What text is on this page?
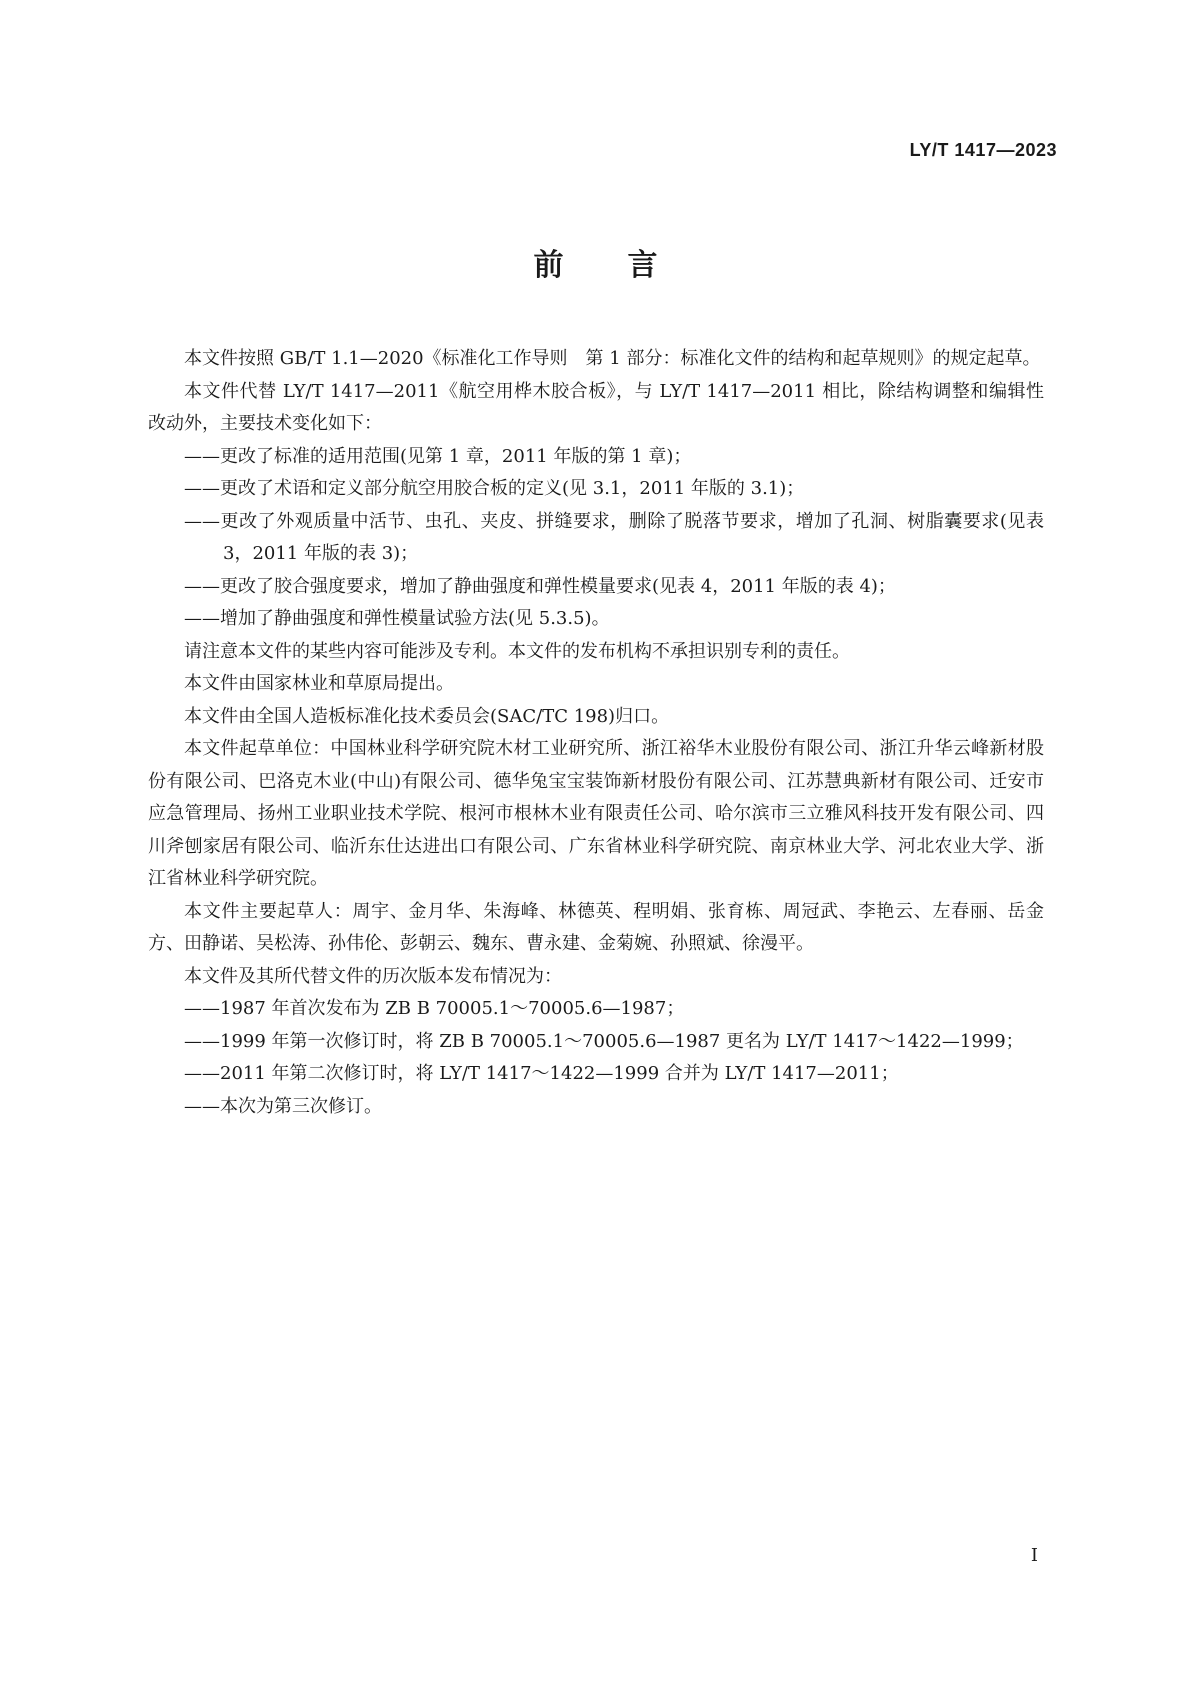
LY/T 1417—2023
前 言

本文件按照 GB/T 1.1—2020《标准化工作导则　第 1 部分：标准化文件的结构和起草规则》的规定起草。

本文件代替 LY/T 1417—2011《航空用桦木胶合板》，与 LY/T 1417—2011 相比，除结构调整和编辑性改动外，主要技术变化如下：

——更改了标准的适用范围(见第 1 章，2011 年版的第 1 章)；

——更改了术语和定义部分航空用胶合板的定义(见 3.1，2011 年版的 3.1)；

——更改了外观质量中活节、虫孔、夹皮、拼缝要求，删除了脱落节要求，增加了孔洞、树脂囊要求(见表 3，2011 年版的表 3)；

——更改了胶合强度要求，增加了静曲强度和弹性模量要求(见表 4，2011 年版的表 4)；

——增加了静曲强度和弹性模量试验方法(见 5.3.5)。

请注意本文件的某些内容可能涉及专利。本文件的发布机构不承担识别专利的责任。

本文件由国家林业和草原局提出。

本文件由全国人造板标准化技术委员会(SAC/TC 198)归口。

本文件起草单位：中国林业科学研究院木材工业研究所、浙江裕华木业股份有限公司、浙江升华云峰新材股份有限公司、巴洛克木业(中山)有限公司、德华兔宝宝装饰新材股份有限公司、江苏慧典新材有限公司、迁安市应急管理局、扬州工业职业技术学院、根河市根林木业有限责任公司、哈尔滨市三立雅风科技开发有限公司、四川斧刨家居有限公司、临沂东仕达进出口有限公司、广东省林业科学研究院、南京林业大学、河北农业大学、浙江省林业科学研究院。

本文件主要起草人：周宇、金月华、朱海峰、林德英、程明娟、张育栋、周冠武、李艳云、左春丽、岳金方、田静诺、吴松涛、孙伟伦、彭朝云、魏东、曹永建、金菊婉、孙照斌、徐漫平。

本文件及其所代替文件的历次版本发布情况为：

——1987 年首次发布为 ZB B 70005.1～70005.6—1987；

——1999 年第一次修订时，将 ZB B 70005.1～70005.6—1987 更名为 LY/T 1417～1422—1999；

——2011 年第二次修订时，将 LY/T 1417～1422—1999 合并为 LY/T 1417—2011；

——本次为第三次修订。

I
